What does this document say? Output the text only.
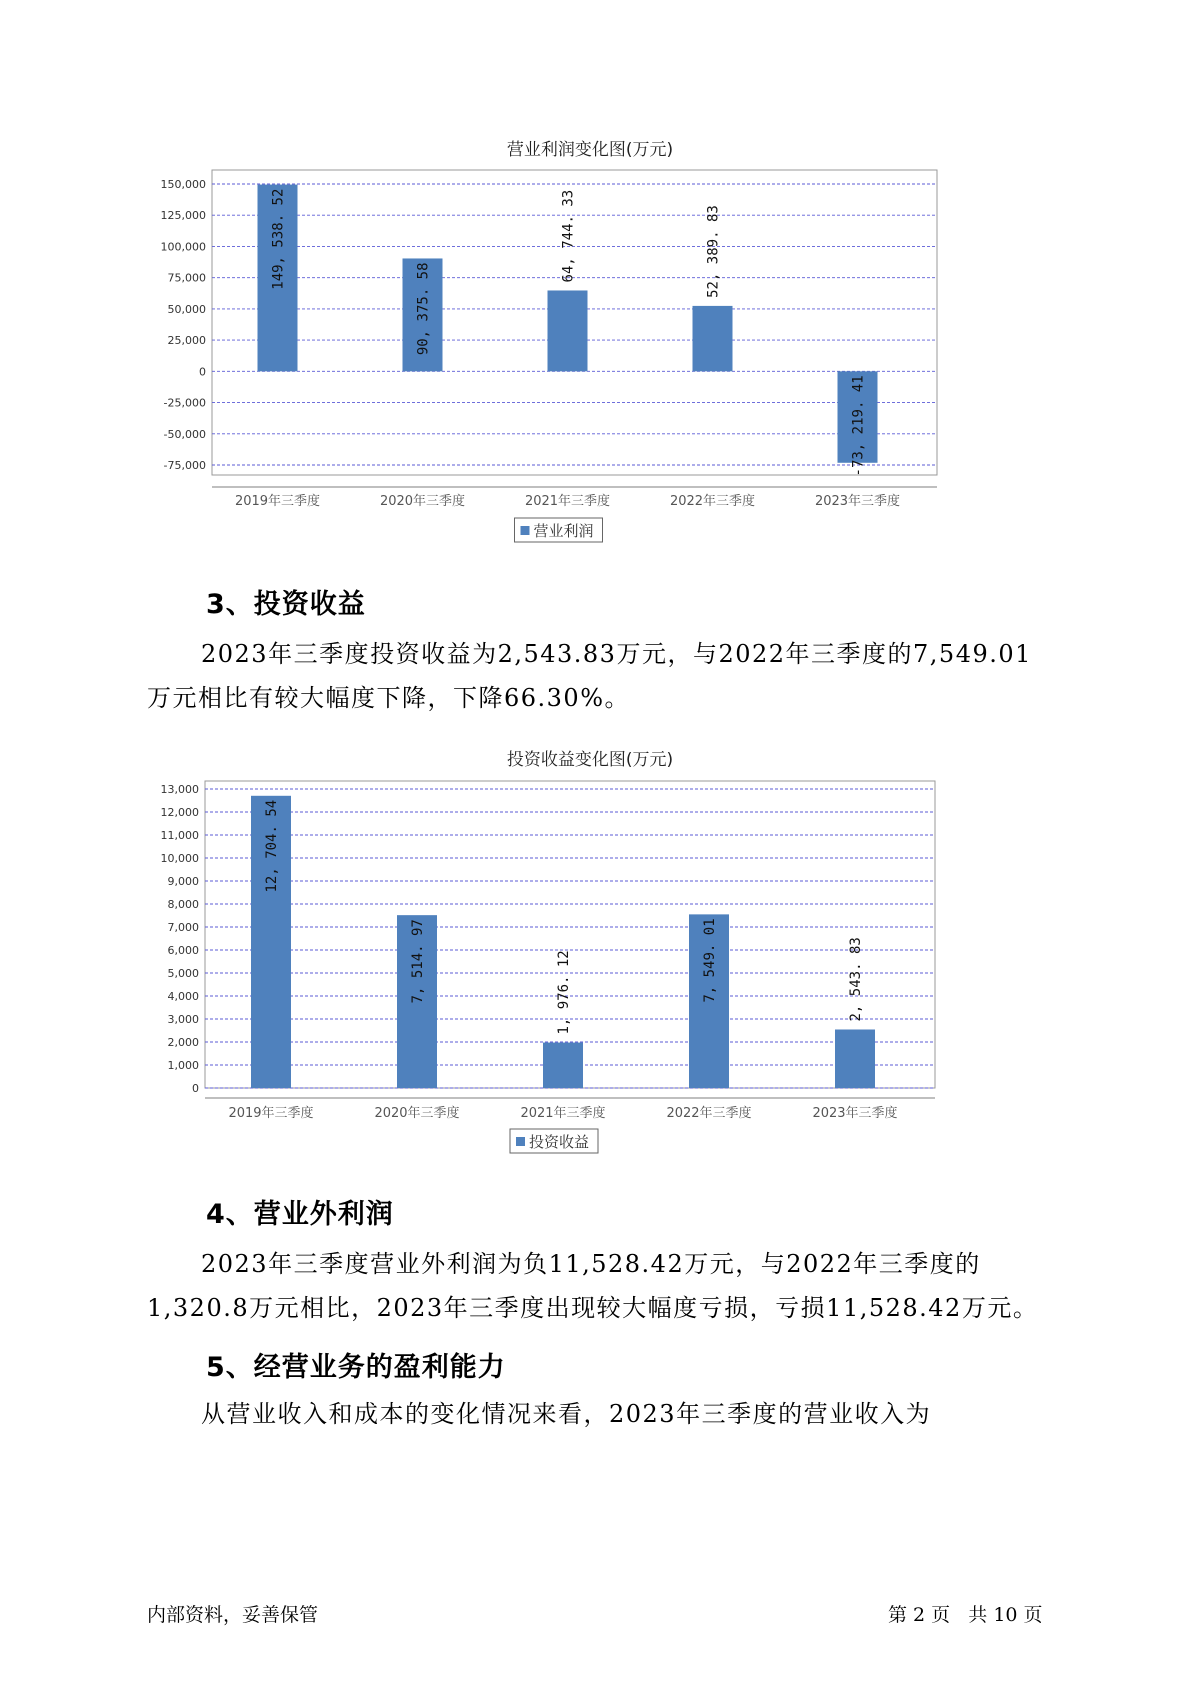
营业利润变化图(万元)
150,000
125,000
100,000
75,000
50,000
25,000
0
-25,000
-50,000
-75,000
149, 538. 52
2019年三季度
90, 375. 58
2020年三季度
64, 744. 33
2021年三季度
52, 389. 83
2022年三季度
-73, 219. 41
2023年三季度
营业利润
3、投资收益

2023年三季度投资收益为2,543.83万元，与2022年三季度的7,549.01万元相比有较大幅度下降，下降66.30%。

投资收益变化图(万元)
13,000
12,000
11,000
10,000
9,000
8,000
7,000
6,000
5,000
4,000
3,000
2,000
1,000
0
12, 704. 54
2019年三季度
7, 514. 97
2020年三季度
1, 976. 12
2021年三季度
7, 549. 01
2022年三季度
2, 543. 83
2023年三季度
投资收益
4、营业外利润

2023年三季度营业外利润为负11,528.42万元，与2022年三季度的1,320.8万元相比，2023年三季度出现较大幅度亏损，亏损11,528.42万元。

5、经营业务的盈利能力

从营业收入和成本的变化情况来看，2023年三季度的营业收入为

内部资料，妥善保管	第 2 页   共 10 页
